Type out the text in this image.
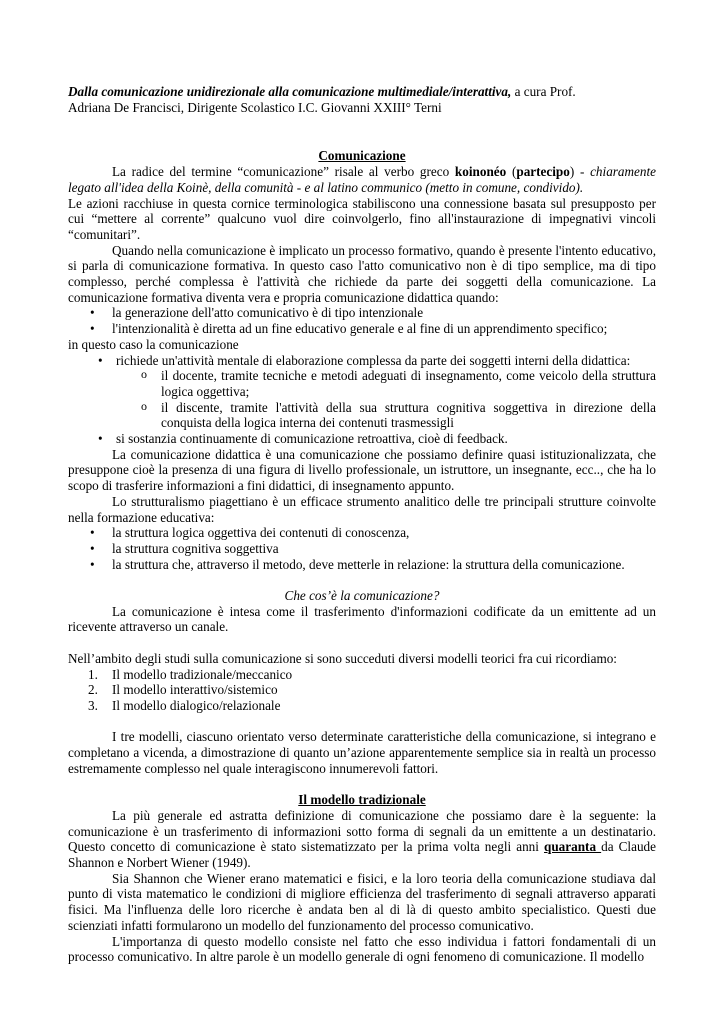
Dalla comunicazione unidirezionale alla comunicazione multimediale/interattiva, a cura Prof.

Adriana De Francisci, Dirigente Scolastico I.C. Giovanni XXIII° Terni

Comunicazione

La radice del termine “comunicazione” risale al verbo greco koinonéo (partecipo) - chiaramente legato all'idea della Koinè, della comunità - e al latino communico (metto in comune, condivido).

Le azioni racchiuse in questa cornice terminologica stabiliscono una connessione basata sul presupposto per cui “mettere al corrente” qualcuno vuol dire coinvolgerlo, fino all'instaurazione di impegnativi vincoli “comunitari”.

Quando nella comunicazione è implicato un processo formativo, quando è presente l'intento educativo, si parla di comunicazione formativa. In questo caso l'atto comunicativo non è di tipo semplice, ma di tipo complesso, perché complessa è l'attività che richiede da parte dei soggetti della comunicazione. La comunicazione formativa diventa vera e propria comunicazione didattica quando:

• la generazione dell'atto comunicativo è di tipo intenzionale
• l'intenzionalità è diretta ad un fine educativo generale e al fine di un apprendimento specifico;

in questo caso la comunicazione

• richiede un'attività mentale di elaborazione complessa da parte dei soggetti interni della didattica:
o il docente, tramite tecniche e metodi adeguati di insegnamento, come veicolo della struttura logica oggettiva;
o il discente, tramite l'attività della sua struttura cognitiva soggettiva in direzione della conquista della logica interna dei contenuti trasmessigli
• si sostanzia continuamente di comunicazione retroattiva, cioè di feedback.

La comunicazione didattica è una comunicazione che possiamo definire quasi istituzionalizzata, che presuppone cioè la presenza di una figura di livello professionale, un istruttore, un insegnante, ecc.., che ha lo scopo di trasferire informazioni a fini didattici, di insegnamento appunto.

Lo strutturalismo piagettiano è un efficace strumento analitico delle tre principali strutture coinvolte nella formazione educativa:

• la struttura logica oggettiva dei contenuti di conoscenza,
• la struttura cognitiva soggettiva
• la struttura che, attraverso il metodo, deve metterle in relazione: la struttura della comunicazione.

Che cos’è la comunicazione?

La comunicazione è intesa come il trasferimento d'informazioni codificate da un emittente ad un ricevente attraverso un canale.

Nell’ambito degli studi sulla comunicazione si sono succeduti diversi modelli teorici fra cui ricordiamo:

1. Il modello tradizionale/meccanico
2. Il modello interattivo/sistemico
3. Il modello dialogico/relazionale

I tre modelli, ciascuno orientato verso determinate caratteristiche della comunicazione, si integrano e completano a vicenda, a dimostrazione di quanto un’azione apparentemente semplice sia in realtà un processo estremamente complesso nel quale interagiscono innumerevoli fattori.

Il modello tradizionale

La più generale ed astratta definizione di comunicazione che possiamo dare è la seguente: la comunicazione è un trasferimento di informazioni sotto forma di segnali da un emittente a un destinatario. Questo concetto di comunicazione è stato sistematizzato per la prima volta negli anni quaranta da Claude Shannon e Norbert Wiener (1949).

Sia Shannon che Wiener erano matematici e fisici, e la loro teoria della comunicazione studiava dal punto di vista matematico le condizioni di migliore efficienza del trasferimento di segnali attraverso apparati fisici. Ma l'influenza delle loro ricerche è andata ben al di là di questo ambito specialistico. Questi due scienziati infatti formularono un modello del funzionamento del processo comunicativo.

L'importanza di questo modello consiste nel fatto che esso individua i fattori fondamentali di un processo comunicativo. In altre parole è un modello generale di ogni fenomeno di comunicazione. Il modello
